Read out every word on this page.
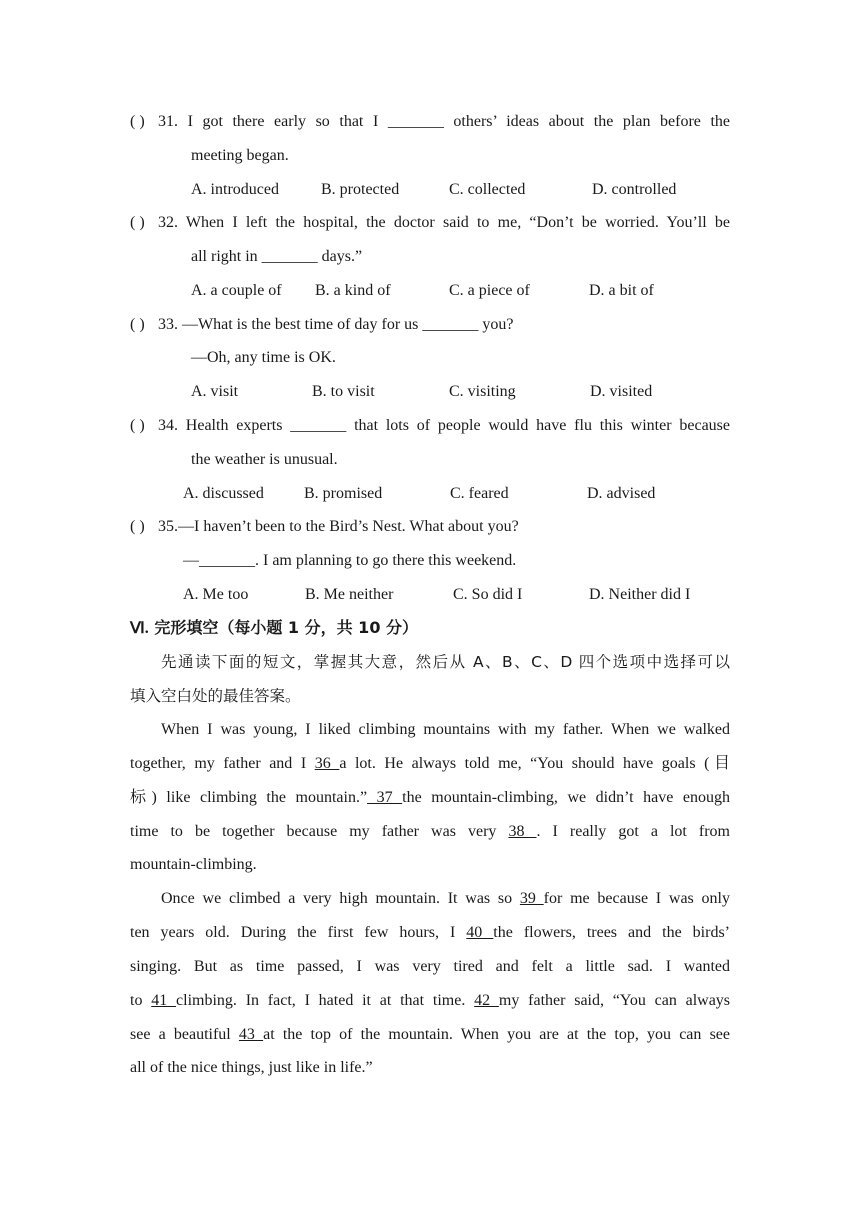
( ) 31. I got there early so that I _______ others’ ideas about the plan before the
meeting began.
A. introduced	B. protected	C. collected	D. controlled
( ) 32. When I left the hospital, the doctor said to me, “Don’t be worried. You’ll be
all right in _______ days.”
A. a couple of B. a kind of	C. a piece of	D. a bit of
( ) 33. —What is the best time of day for us _______ you?
—Oh, any time is OK.
A. visit	B. to visit	C. visiting	D. visited
( ) 34. Health experts _______ that lots of people would have flu this winter because
the weather is unusual.
A. discussed	B. promised	C. feared	D. advised
( ) 35.—I haven’t been to the Bird’s Nest. What about you?
—_______. I am planning to go there this weekend.
A. Me too	B. Me neither	C. So did I	D. Neither did I
Ⅵ. 完形填空（每小题 1 分，共 10 分）
先通读下面的短文，掌握其大意，然后从 A、B、C、D 四个选项中选择可以
填入空白处的最佳答案。
When I was young, I liked climbing mountains with my father. When we walked
together, my father and I 36 a lot. He always told me, “You should have goals (目
标) like climbing the mountain.” 37 the mountain-climbing, we didn’t have enough
time to be together because my father was very 38 . I really got a lot from
mountain-climbing.
Once we climbed a very high mountain. It was so 39 for me because I was only
ten years old. During the first few hours, I 40 the flowers, trees and the birds’
singing. But as time passed, I was very tired and felt a little sad. I wanted
to 41 climbing. In fact, I hated it at that time. 42 my father said, “You can always
see a beautiful 43 at the top of the mountain. When you are at the top, you can see
all of the nice things, just like in life.”
